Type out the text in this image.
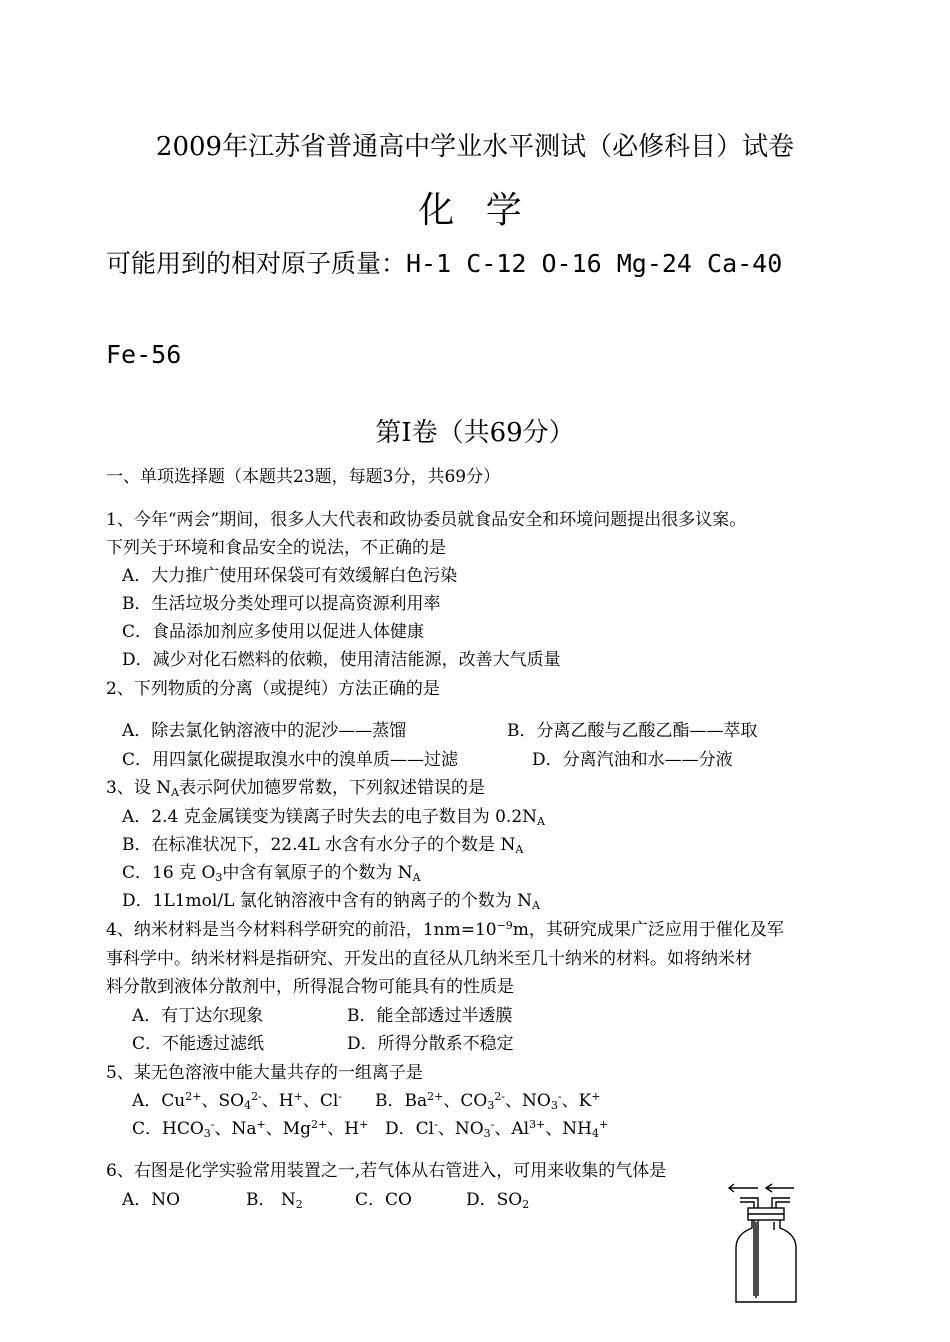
2009年江苏省普通高中学业水平测试（必修科目）试卷
化 学
可能用到的相对原子质量：H-1 C-12 O-16 Mg-24 Ca-40
Fe-56
第Ⅰ卷（共69分）
一、单项选择题（本题共23题，每题3分，共69分）
1、今年“两会”期间，很多人大代表和政协委员就食品安全和环境问题提出很多议案。
下列关于环境和食品安全的说法，不正确的是
A．大力推广使用环保袋可有效缓解白色污染
B．生活垃圾分类处理可以提高资源利用率
C．食品添加剂应多使用以促进人体健康
D．减少对化石燃料的依赖，使用清洁能源，改善大气质量
2、下列物质的分离（或提纯）方法正确的是
A．除去氯化钠溶液中的泥沙——蒸馏	B．分离乙酸与乙酸乙酯——萃取
C．用四氯化碳提取溴水中的溴单质——过滤	D．分离汽油和水——分液
3、设 $N_A$表示阿伏加德罗常数，下列叙述错误的是
A．2.4 克金属镁变为镁离子时失去的电子数目为 $0.2N_A$
B．在标准状况下，22.4L 水含有水分子的个数是 $N_A$
C．16 克 $O_3$中含有氧原子的个数为 $N_A$
D．1L1mol/L 氯化钠溶液中含有的钠离子的个数为 $N_A$
4、纳米材料是当今材料科学研究的前沿，$1nm=10^{-9}m$，其研究成果广泛应用于催化及军
事科学中。纳米材料是指研究、开发出的直径从几纳米至几十纳米的材料。如将纳米材
料分散到液体分散剂中，所得混合物可能具有的性质是
A．有丁达尔现象	B．能全部透过半透膜
C．不能透过滤纸	D．所得分散系不稳定
5、某无色溶液中能大量共存的一组离子是
A．$Cu^{2+}$、$SO_4^{2-}$、H+、Cl- B．$Ba^{2+}$、$CO_3^{2-}$、$NO_3^-$、K+
C．$HCO_3^-$、Na+、$Mg^{2+}$、H+ D．Cl-、$NO_3^-$、$Al^{3+}$、$NH_4^+$
6、右图是化学实验常用装置之一,若气体从右管进入，可用来收集的气体是
A．NO	B． $N_2$	C．CO	D．$SO_2$
